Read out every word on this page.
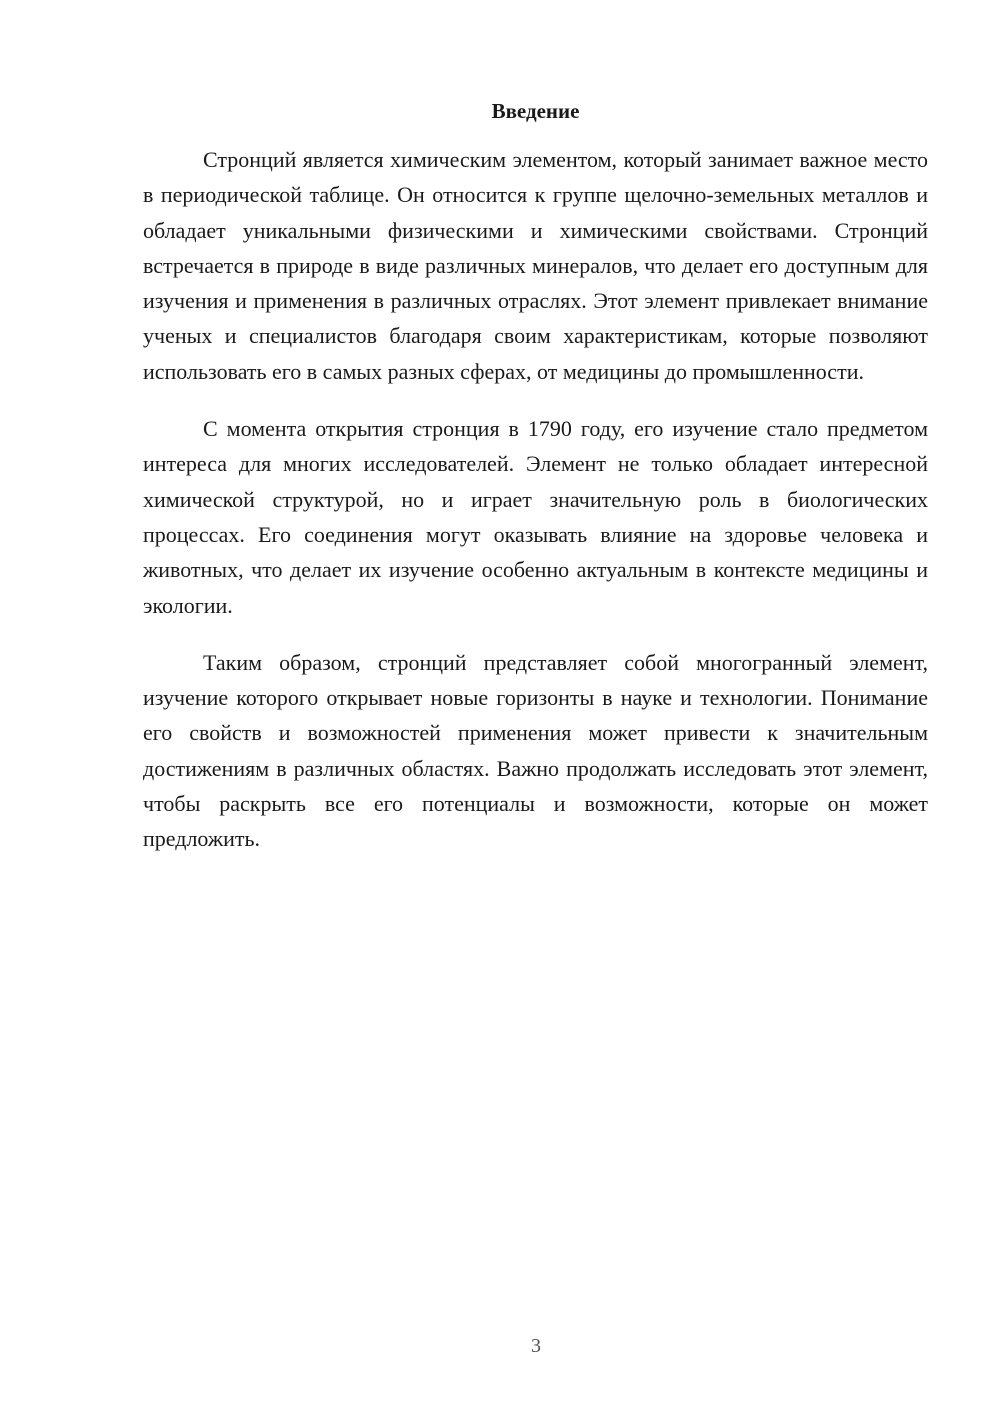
Введение

Стронций является химическим элементом, который занимает важное место в периодической таблице. Он относится к группе щелочно-земельных металлов и обладает уникальными физическими и химическими свойствами. Стронций встречается в природе в виде различных минералов, что делает его доступным для изучения и применения в различных отраслях. Этот элемент привлекает внимание ученых и специалистов благодаря своим характеристикам, которые позволяют использовать его в самых разных сферах, от медицины до промышленности.

С момента открытия стронция в 1790 году, его изучение стало предметом интереса для многих исследователей. Элемент не только обладает интересной химической структурой, но и играет значительную роль в биологических процессах. Его соединения могут оказывать влияние на здоровье человека и животных, что делает их изучение особенно актуальным в контексте медицины и экологии.

Таким образом, стронций представляет собой многогранный элемент, изучение которого открывает новые горизонты в науке и технологии. Понимание его свойств и возможностей применения может привести к значительным достижениям в различных областях. Важно продолжать исследовать этот элемент, чтобы раскрыть все его потенциалы и возможности, которые он может предложить.

3
